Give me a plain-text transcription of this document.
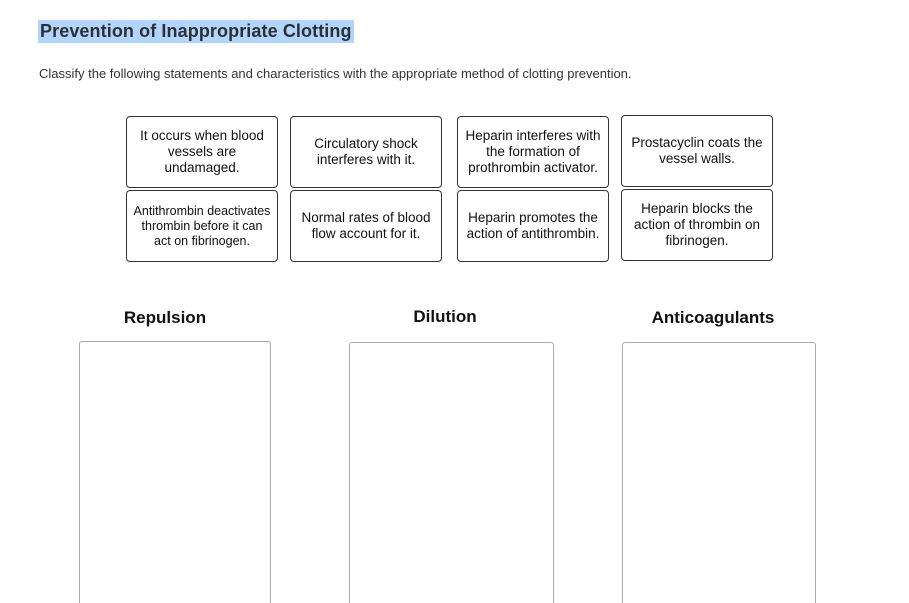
Prevention of Inappropriate Clotting
Classify the following statements and characteristics with the appropriate method of clotting prevention.
It occurs when blood vessels are undamaged.
Circulatory shock interferes with it.
Heparin interferes with the formation of prothrombin activator.
Prostacyclin coats the vessel walls.
Antithrombin deactivates thrombin before it can act on fibrinogen.
Normal rates of blood flow account for it.
Heparin promotes the action of antithrombin.
Heparin blocks the action of thrombin on fibrinogen.
Repulsion	Dilution	Anticoagulants
